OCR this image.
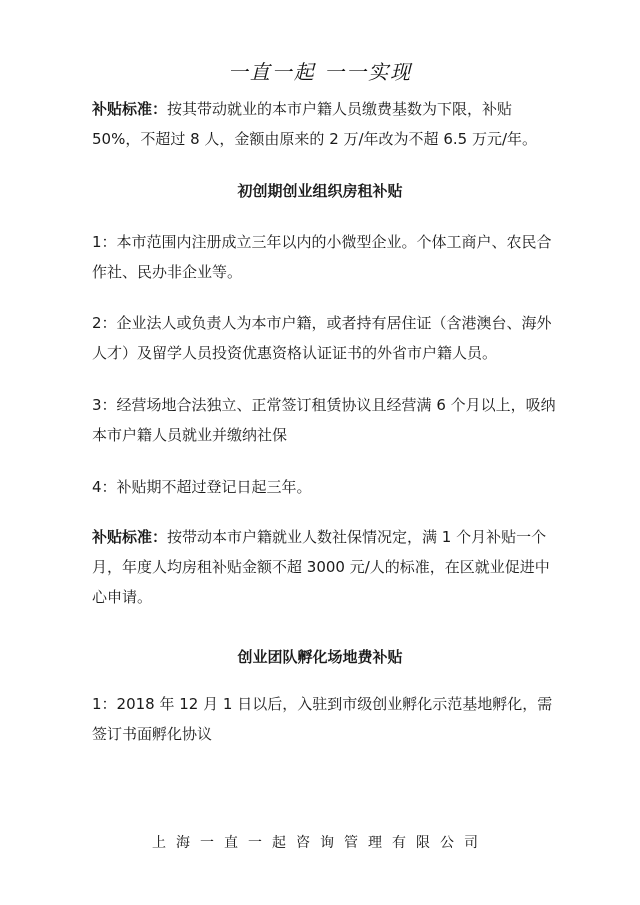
一直一起 一一实现

补贴标准：按其带动就业的本市户籍人员缴费基数为下限，补贴 50%，不超过 8 人，金额由原来的 2 万/年改为不超 6.5 万元/年。

初创期创业组织房租补贴

1：本市范围内注册成立三年以内的小微型企业。个体工商户、农民合作社、民办非企业等。

2：企业法人或负责人为本市户籍，或者持有居住证（含港澳台、海外人才）及留学人员投资优惠资格认证证书的外省市户籍人员。

3：经营场地合法独立、正常签订租赁协议且经营满 6 个月以上，吸纳本市户籍人员就业并缴纳社保

4：补贴期不超过登记日起三年。

补贴标准：按带动本市户籍就业人数社保情况定，满 1 个月补贴一个月，年度人均房租补贴金额不超 3000 元/人的标准，在区就业促进中心申请。

创业团队孵化场地费补贴

1：2018 年 12 月 1 日以后，入驻到市级创业孵化示范基地孵化，需签订书面孵化协议

上海一直一起咨询管理有限公司
